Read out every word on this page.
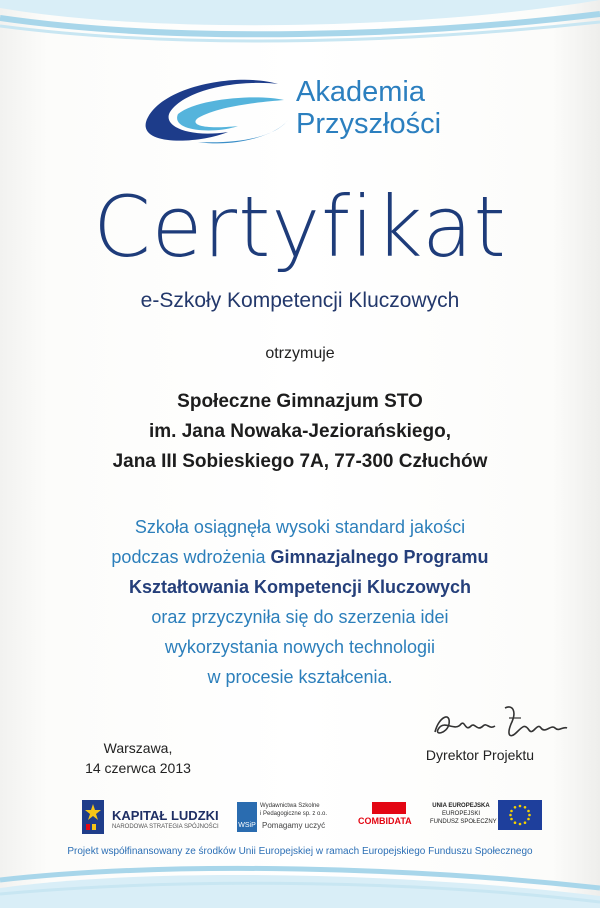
Akademia
Przyszłości
Certyfikat
e-Szkoły Kompetencji Kluczowych
otrzymuje
Społeczne Gimnazjum STO
im. Jana Nowaka-Jeziorańskiego,
Jana III Sobieskiego 7A, 77-300 Człuchów
Szkoła osiągnęła wysoki standard jakości
podczas wdrożenia Gimnazjalnego Programu
Kształtowania Kompetencji Kluczowych
oraz przyczyniła się do szerzenia idei
wykorzystania nowych technologii
w procesie kształcenia.
Warszawa,
14 czerwca 2013
Dyrektor Projektu
KAPITAŁ LUDZKI
NARODOWA STRATEGIA SPÓJNOŚCI	WSiP
Wydawnictwa Szkolne
i Pedagogiczne sp. z o.o.
Pomagamy uczyć	COMBIDATA
UNIA EUROPEJSKA
EUROPEJSKI
FUNDUSZ SPOŁECZNY
Projekt współfinansowany ze środków Unii Europejskiej w ramach Europejskiego Funduszu Społecznego
